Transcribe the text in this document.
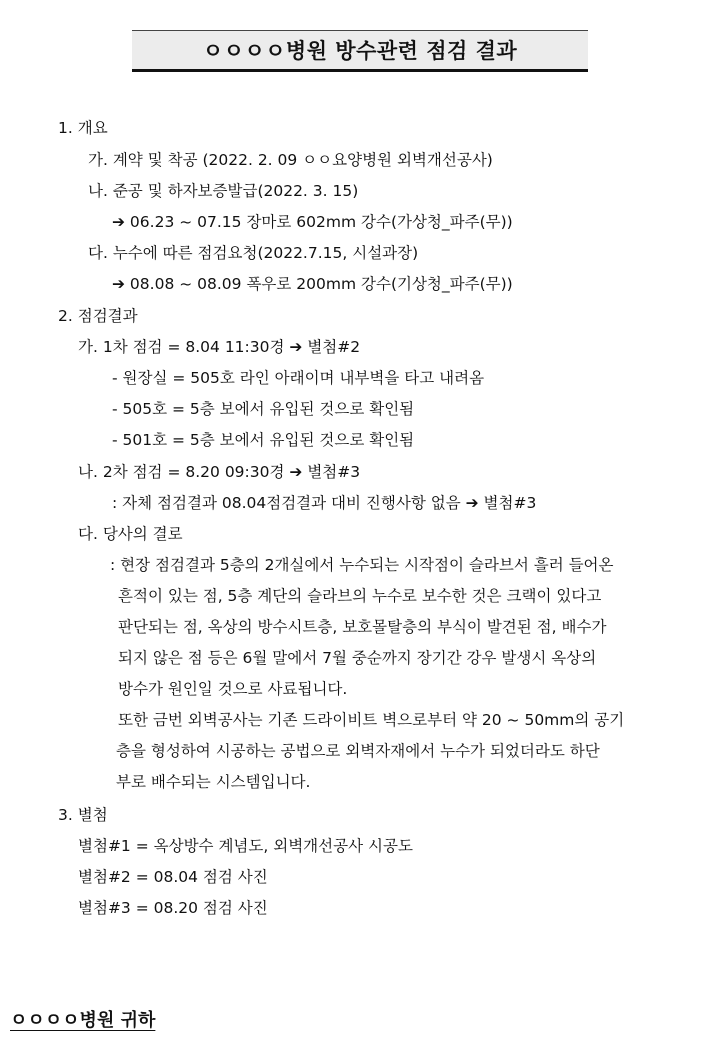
ㅇㅇㅇㅇ병원 방수관련 점검 결과
1. 개요
가. 계약 및 착공 (2022. 2. 09 ㅇㅇ요양병원 외벽개선공사)
나. 준공 및 하자보증발급(2022. 3. 15)
➔ 06.23 ~ 07.15 장마로 602mm 강수(가상청_파주(무))
다. 누수에 따른 점검요청(2022.7.15, 시설과장)
➔ 08.08 ~ 08.09 폭우로 200mm 강수(기상청_파주(무))
2. 점검결과
가. 1차 점검 = 8.04 11:30경 ➔ 별첨#2
- 원장실 = 505호 라인 아래이며 내부벽을 타고 내려옴
- 505호 = 5층 보에서 유입된 것으로 확인됨
- 501호 = 5층 보에서 유입된 것으로 확인됨
나. 2차 점검 = 8.20 09:30경 ➔ 별첨#3
: 자체 점검결과 08.04점검결과 대비 진행사항 없음 ➔ 별첨#3
다. 당사의 결로
: 현장 점검결과 5층의 2개실에서 누수되는 시작점이 슬라브서 흘러 들어온
흔적이 있는 점, 5층 계단의 슬라브의 누수로 보수한 것은 크랙이 있다고
판단되는 점, 옥상의 방수시트층, 보호몰탈층의 부식이 발견된 점, 배수가
되지 않은 점 등은 6월 말에서 7월 중순까지 장기간 강우 발생시 옥상의
방수가 원인일 것으로 사료됩니다.
또한 금번 외벽공사는 기존 드라이비트 벽으로부터 약 20 ~ 50mm의 공기
층을 형성하여 시공하는 공법으로 외벽자재에서 누수가 되었더라도 하단
부로 배수되는 시스템입니다.
3. 별첨
별첨#1 = 옥상방수 계념도, 외벽개선공사 시공도
별첨#2 = 08.04 점검 사진
별첨#3 = 08.20 점검 사진
ㅇㅇㅇㅇ병원 귀하
